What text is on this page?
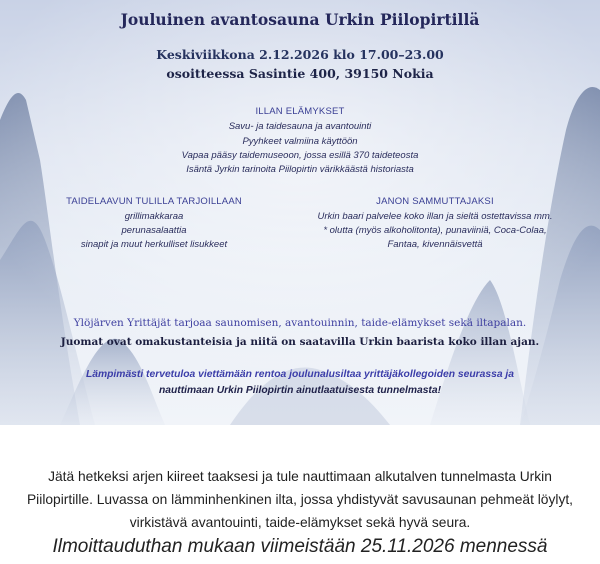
Jouluinen avantosauna Urkin Piilopirtillä

Keskiviikkona 2.12.2026 klo 17.00–23.00

osoitteessa Sasintie 400, 39150 Nokia

ILLAN ELÄMYKSET

Savu- ja taidesauna ja avantouinti

Pyyhkeet valmiina käyttöön

Vapaa pääsy taidemuseoon, jossa esillä 370 taideteosta

Isäntä Jyrkin tarinoita Piilopirtin värikkäästä historiasta

TAIDELAAVUN TULILLA TARJOILLAAN

grillimakkaraa

perunasalaattia

sinapit ja muut herkulliset lisukkeet

JANON SAMMUTTAJAKSI

Urkin baari palvelee koko illan ja sieltä ostettavissa mm.

* olutta (myös alkoholitonta), punaviiniä, Coca-Colaa,

Fantaa, kivennäisvettä

Ylöjärven Yrittäjät tarjoaa saunomisen, avantouinnin, taide-elämykset sekä iltapalan.

Juomat ovat omakustanteisia ja niitä on saatavilla Urkin baarista koko illan ajan.

Lämpimästi tervetuloa viettämään rentoa joulunalusiltaa yrittäjäkollegoiden seurassa ja

nauttimaan Urkin Piilopirtin ainutlaatuisesta tunnelmasta!

Jätä hetkeksi arjen kiireet taaksesi ja tule nauttimaan alkutalven tunnelmasta Urkin Piilopirtille. Luvassa on lämminhenkinen ilta, jossa yhdistyvät savusaunan pehmeät löylyt, virkistävä avantouinti, taide-elämykset sekä hyvä seura.

Ilmoittauduthan mukaan viimeistään 25.11.2026 mennessä
